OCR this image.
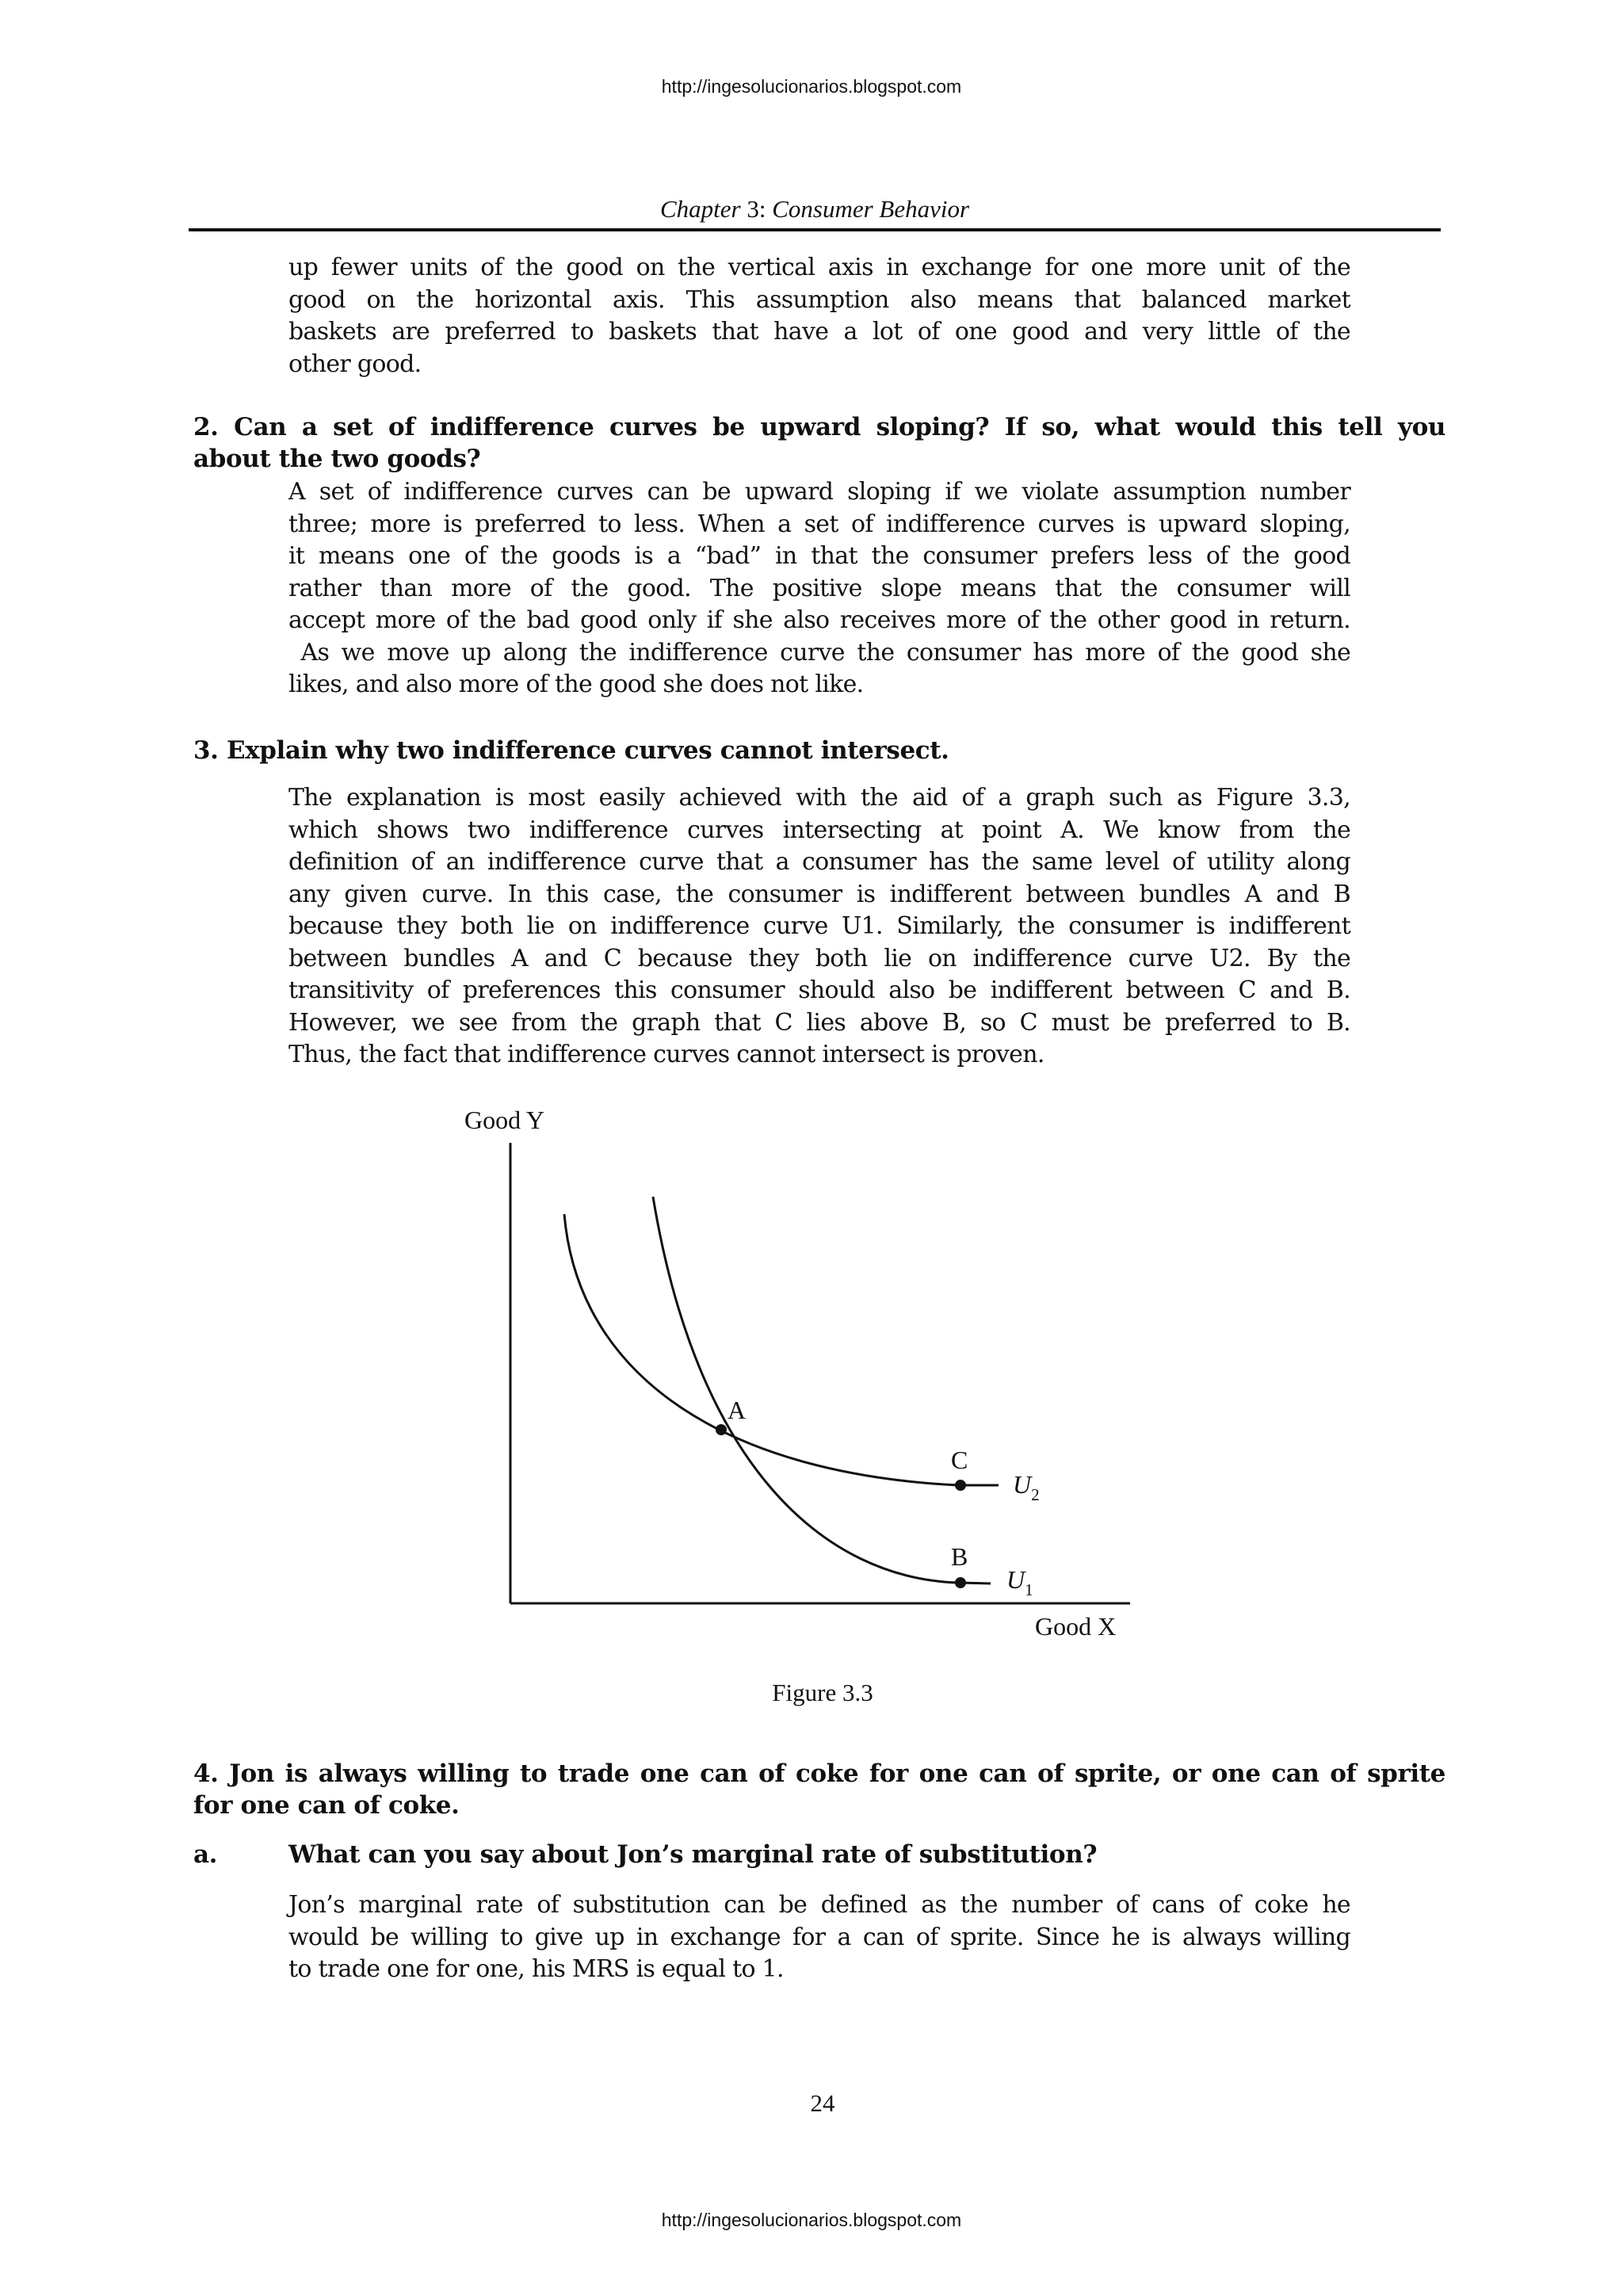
http://ingesolucionarios.blogspot.com
Chapter 3: Consumer Behavior
up fewer units of the good on the vertical axis in exchange for one more unit of the
good on the horizontal axis. This assumption also means that balanced market
baskets are preferred to baskets that have a lot of one good and very little of the
other good.
2. Can a set of indifference curves be upward sloping? If so, what would this tell you
about the two goods?
A set of indifference curves can be upward sloping if we violate assumption number
three; more is preferred to less. When a set of indifference curves is upward sloping,
it means one of the goods is a “bad” in that the consumer prefers less of the good
rather than more of the good. The positive slope means that the consumer will
accept more of the bad good only if she also receives more of the other good in return.
As we move up along the indifference curve the consumer has more of the good she
likes, and also more of the good she does not like.
3. Explain why two indifference curves cannot intersect.
The explanation is most easily achieved with the aid of a graph such as Figure 3.3,
which shows two indifference curves intersecting at point A. We know from the
definition of an indifference curve that a consumer has the same level of utility along
any given curve. In this case, the consumer is indifferent between bundles A and B
because they both lie on indifference curve U1. Similarly, the consumer is indifferent
between bundles A and C because they both lie on indifference curve U2. By the
transitivity of preferences this consumer should also be indifferent between C and B.
However, we see from the graph that C lies above B, so C must be preferred to B.
Thus, the fact that indifference curves cannot intersect is proven.
Good Y
Good X
A
C
B
$U_2$
$U_1$
Figure 3.3
4. Jon is always willing to trade one can of coke for one can of sprite, or one can of sprite
for one can of coke.
a.	What can you say about Jon’s marginal rate of substitution?
Jon’s marginal rate of substitution can be defined as the number of cans of coke he
would be willing to give up in exchange for a can of sprite. Since he is always willing
to trade one for one, his MRS is equal to 1.
24
http://ingesolucionarios.blogspot.com
